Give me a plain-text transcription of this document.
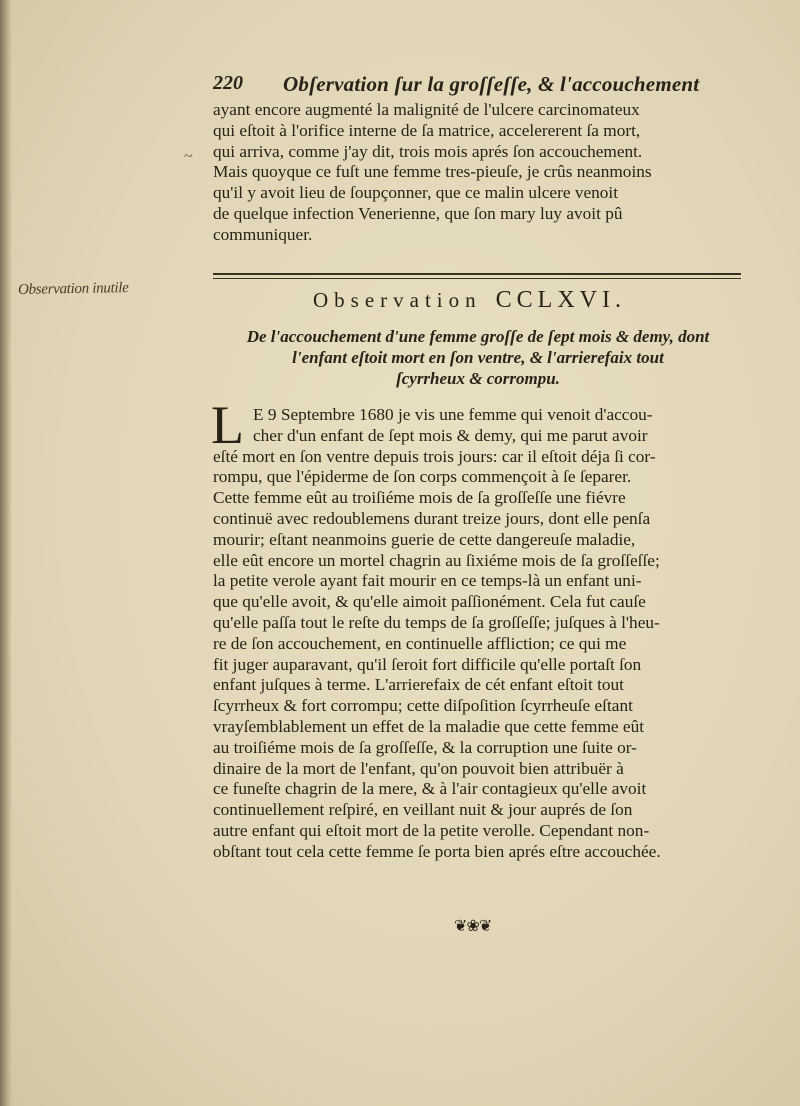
220 Obſervation ſur la groſſeſſe, & l'accouchement
ayant encore augmenté la malignité de l'ulcere carcinomateux
qui eſtoit à l'orifice interne de ſa matrice, accelererent ſa mort,
qui arriva, comme j'ay dit, trois mois aprés ſon accouchement.
Mais quoyque ce fuſt une femme tres-pieuſe, je crûs neanmoins
qu'il y avoit lieu de ſoupçonner, que ce malin ulcere venoit
de quelque infection Venerienne, que ſon mary luy avoit pû
communiquer.
~
Observation inutile	Observation CCLXVI.
De l'accouchement d'une femme groſſe de ſept mois & demy, dont
l'enfant eſtoit mort en ſon ventre, & l'arrierefaix tout
ſcyrrheux & corrompu.
L E 9 Septembre 1680 je vis une femme qui venoit d'accou-
cher d'un enfant de ſept mois & demy, qui me parut avoir
eſté mort en ſon ventre depuis trois jours: car il eſtoit déja ſi cor-
rompu, que l'épiderme de ſon corps commençoit à ſe ſeparer.
Cette femme eût au troiſiéme mois de ſa groſſeſſe une fiévre
continuë avec redoublemens durant treize jours, dont elle penſa
mourir; eſtant neanmoins guerie de cette dangereuſe maladie,
elle eût encore un mortel chagrin au ſixiéme mois de ſa groſſeſſe;
la petite verole ayant fait mourir en ce temps-là un enfant uni-
que qu'elle avoit, & qu'elle aimoit paſſionément. Cela fut cauſe
qu'elle paſſa tout le reſte du temps de ſa groſſeſſe; juſques à l'heu-
re de ſon accouchement, en continuelle affliction; ce qui me
fit juger auparavant, qu'il ſeroit fort difficile qu'elle portaſt ſon
enfant juſques à terme. L'arrierefaix de cét enfant eſtoit tout
ſcyrrheux & fort corrompu; cette diſpoſition ſcyrrheuſe eſtant
vrayſemblablement un effet de la maladie que cette femme eût
au troiſiéme mois de ſa groſſeſſe, & la corruption une ſuite or-
dinaire de la mort de l'enfant, qu'on pouvoit bien attribuër à
ce funeſte chagrin de la mere, & à l'air contagieux qu'elle avoit
continuellement reſpiré, en veillant nuit & jour auprés de ſon
autre enfant qui eſtoit mort de la petite verolle. Cependant non-
obſtant tout cela cette femme ſe porta bien aprés eſtre accouchée.
❦❀❦
